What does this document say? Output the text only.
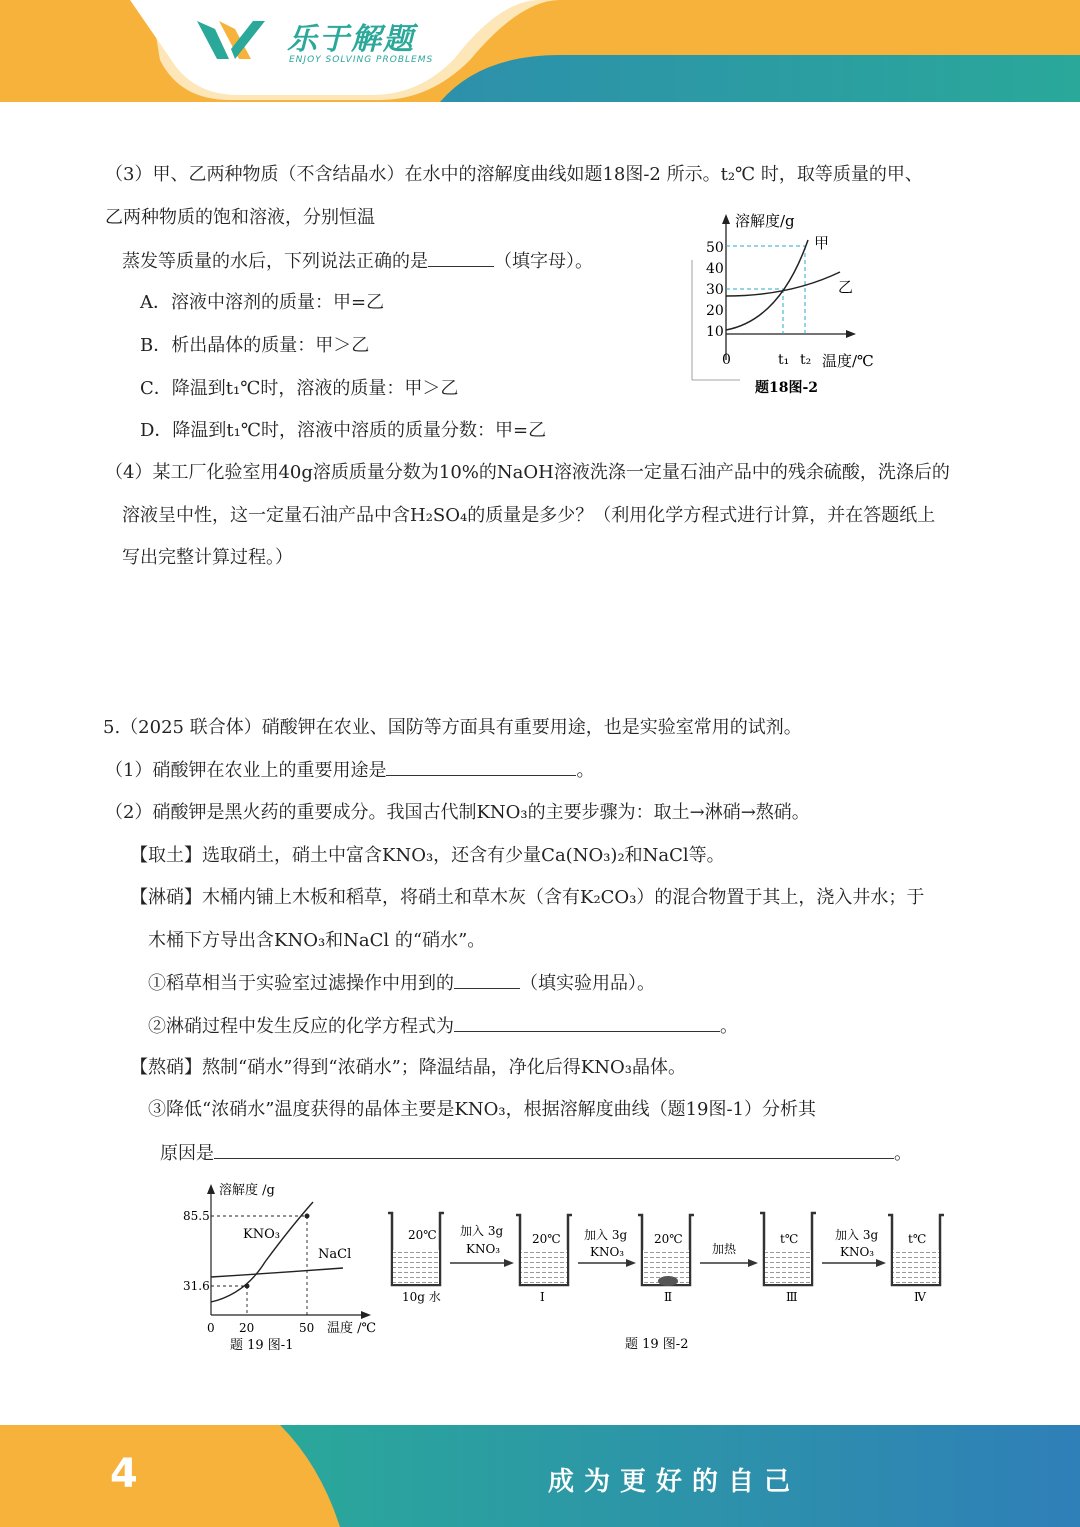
乐于解题
ENJOY SOLVING PROBLEMS
（3）甲、乙两种物质（不含结晶水）在水中的溶解度曲线如题18图-2 所示。t₂℃ 时，取等质量的甲、
乙两种物质的饱和溶液，分别恒温
蒸发等质量的水后，下列说法正确的是	（填字母）。
A．溶液中溶剂的质量：甲=乙
B．析出晶体的质量：甲＞乙
C．降温到t₁℃时，溶液的质量：甲＞乙
D．降温到t₁℃时，溶液中溶质的质量分数：甲=乙
溶解度/g
50
40
30
20
10
0	t₁ t₂ 温度/℃
甲
乙
题18图-2
（4）某工厂化验室用40g溶质质量分数为10%的NaOH溶液洗涤一定量石油产品中的残余硫酸，洗涤后的
溶液呈中性，这一定量石油产品中含H₂SO₄的质量是多少？（利用化学方程式进行计算，并在答题纸上
写出完整计算过程。）
5.（2025 联合体）硝酸钾在农业、国防等方面具有重要用途，也是实验室常用的试剂。
（1）硝酸钾在农业上的重要用途是	。
（2）硝酸钾是黑火药的重要成分。我国古代制KNO₃的主要步骤为：取土→淋硝→熬硝。
【取土】选取硝土，硝土中富含KNO₃，还含有少量Ca(NO₃)₂和NaCl等。
【淋硝】木桶内铺上木板和稻草，将硝土和草木灰（含有K₂CO₃）的混合物置于其上，浇入井水；于
木桶下方导出含KNO₃和NaCl 的“硝水”。
①稻草相当于实验室过滤操作中用到的	（填实验用品）。
②淋硝过程中发生反应的化学方程式为	。
【熬硝】熬制“硝水”得到“浓硝水”；降温结晶，净化后得KNO₃晶体。
③降低“浓硝水”温度获得的晶体主要是KNO₃，根据溶解度曲线（题19图-1）分析其
原因是	。
溶解度 /g
85.5
31.6
0 20	50 温度 /℃
KNO₃
NaCl
题 19 图-1
20℃
10g 水
加入 3g
KNO₃
20℃
Ⅰ
加入 3g
KNO₃
20℃
Ⅱ
加热
t℃
Ⅲ
加入 3g
KNO₃
t℃
Ⅳ
题 19 图-2
4	成为更好的自己
